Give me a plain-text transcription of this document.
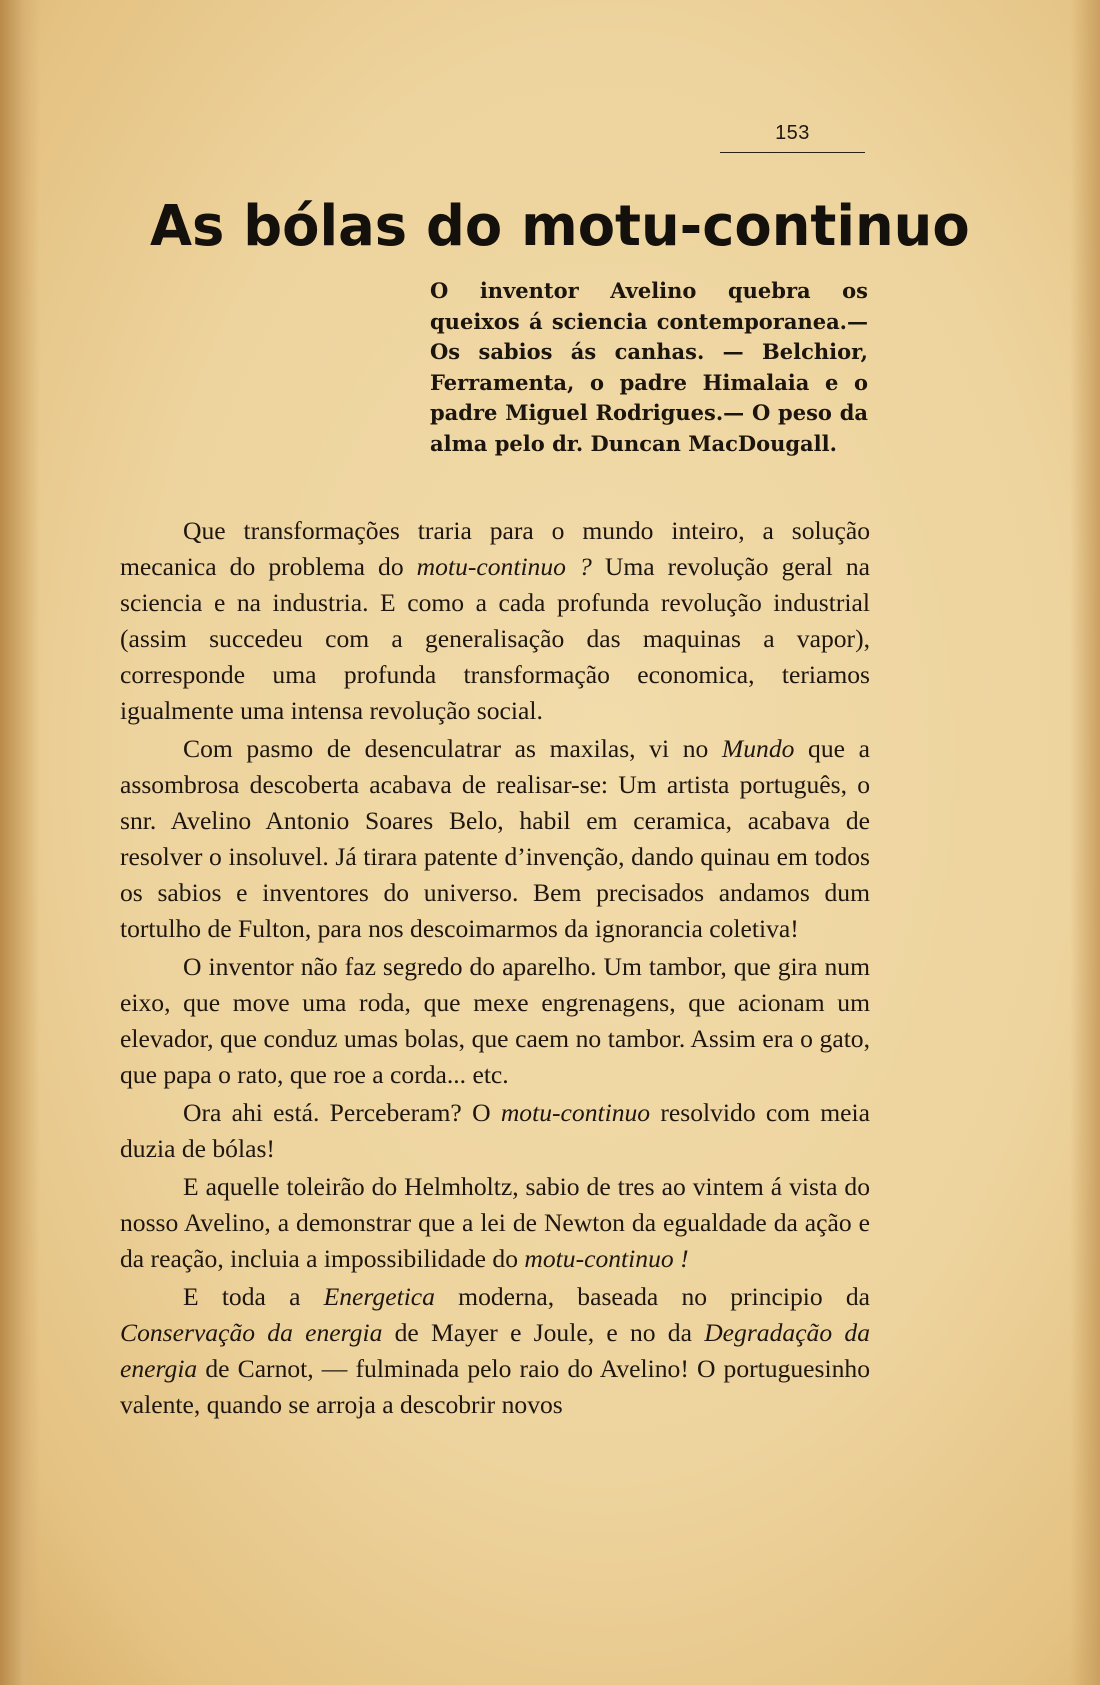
153
As bólas do motu-continuo

O inventor Avelino quebra os queixos á sciencia contemporanea.— Os sabios ás canhas. — Belchior, Ferramenta, o padre Himalaia e o padre Miguel Rodrigues.— O peso da alma pelo dr. Duncan MacDougall.

Que transformações traria para o mundo inteiro, a solução mecanica do problema do motu-continuo ? Uma revolução geral na sciencia e na industria. E como a cada profunda revolução industrial (assim succedeu com a generalisação das maquinas a vapor), corresponde uma profunda transformação economica, teriamos igualmente uma intensa revolução social.

Com pasmo de desenculatrar as maxilas, vi no Mundo que a assombrosa descoberta acabava de realisar-se: Um artista português, o snr. Avelino Antonio Soares Belo, habil em ceramica, acabava de resolver o insoluvel. Já tirara patente d’invenção, dando quinau em todos os sabios e inventores do universo. Bem precisados andamos dum tortulho de Fulton, para nos descoimarmos da ignorancia coletiva!

O inventor não faz segredo do aparelho. Um tambor, que gira num eixo, que move uma roda, que mexe engrenagens, que acionam um elevador, que conduz umas bolas, que caem no tambor. Assim era o gato, que papa o rato, que roe a corda... etc.

Ora ahi está. Perceberam? O motu-continuo resolvido com meia duzia de bólas!

E aquelle toleirão do Helmholtz, sabio de tres ao vintem á vista do nosso Avelino, a demonstrar que a lei de Newton da egualdade da ação e da reação, incluia a impossibilidade do motu-continuo !

E toda a Energetica moderna, baseada no principio da Conservação da energia de Mayer e Joule, e no da Degradação da energia de Carnot, — fulminada pelo raio do Avelino! O portuguesinho valente, quando se arroja a descobrir novos
